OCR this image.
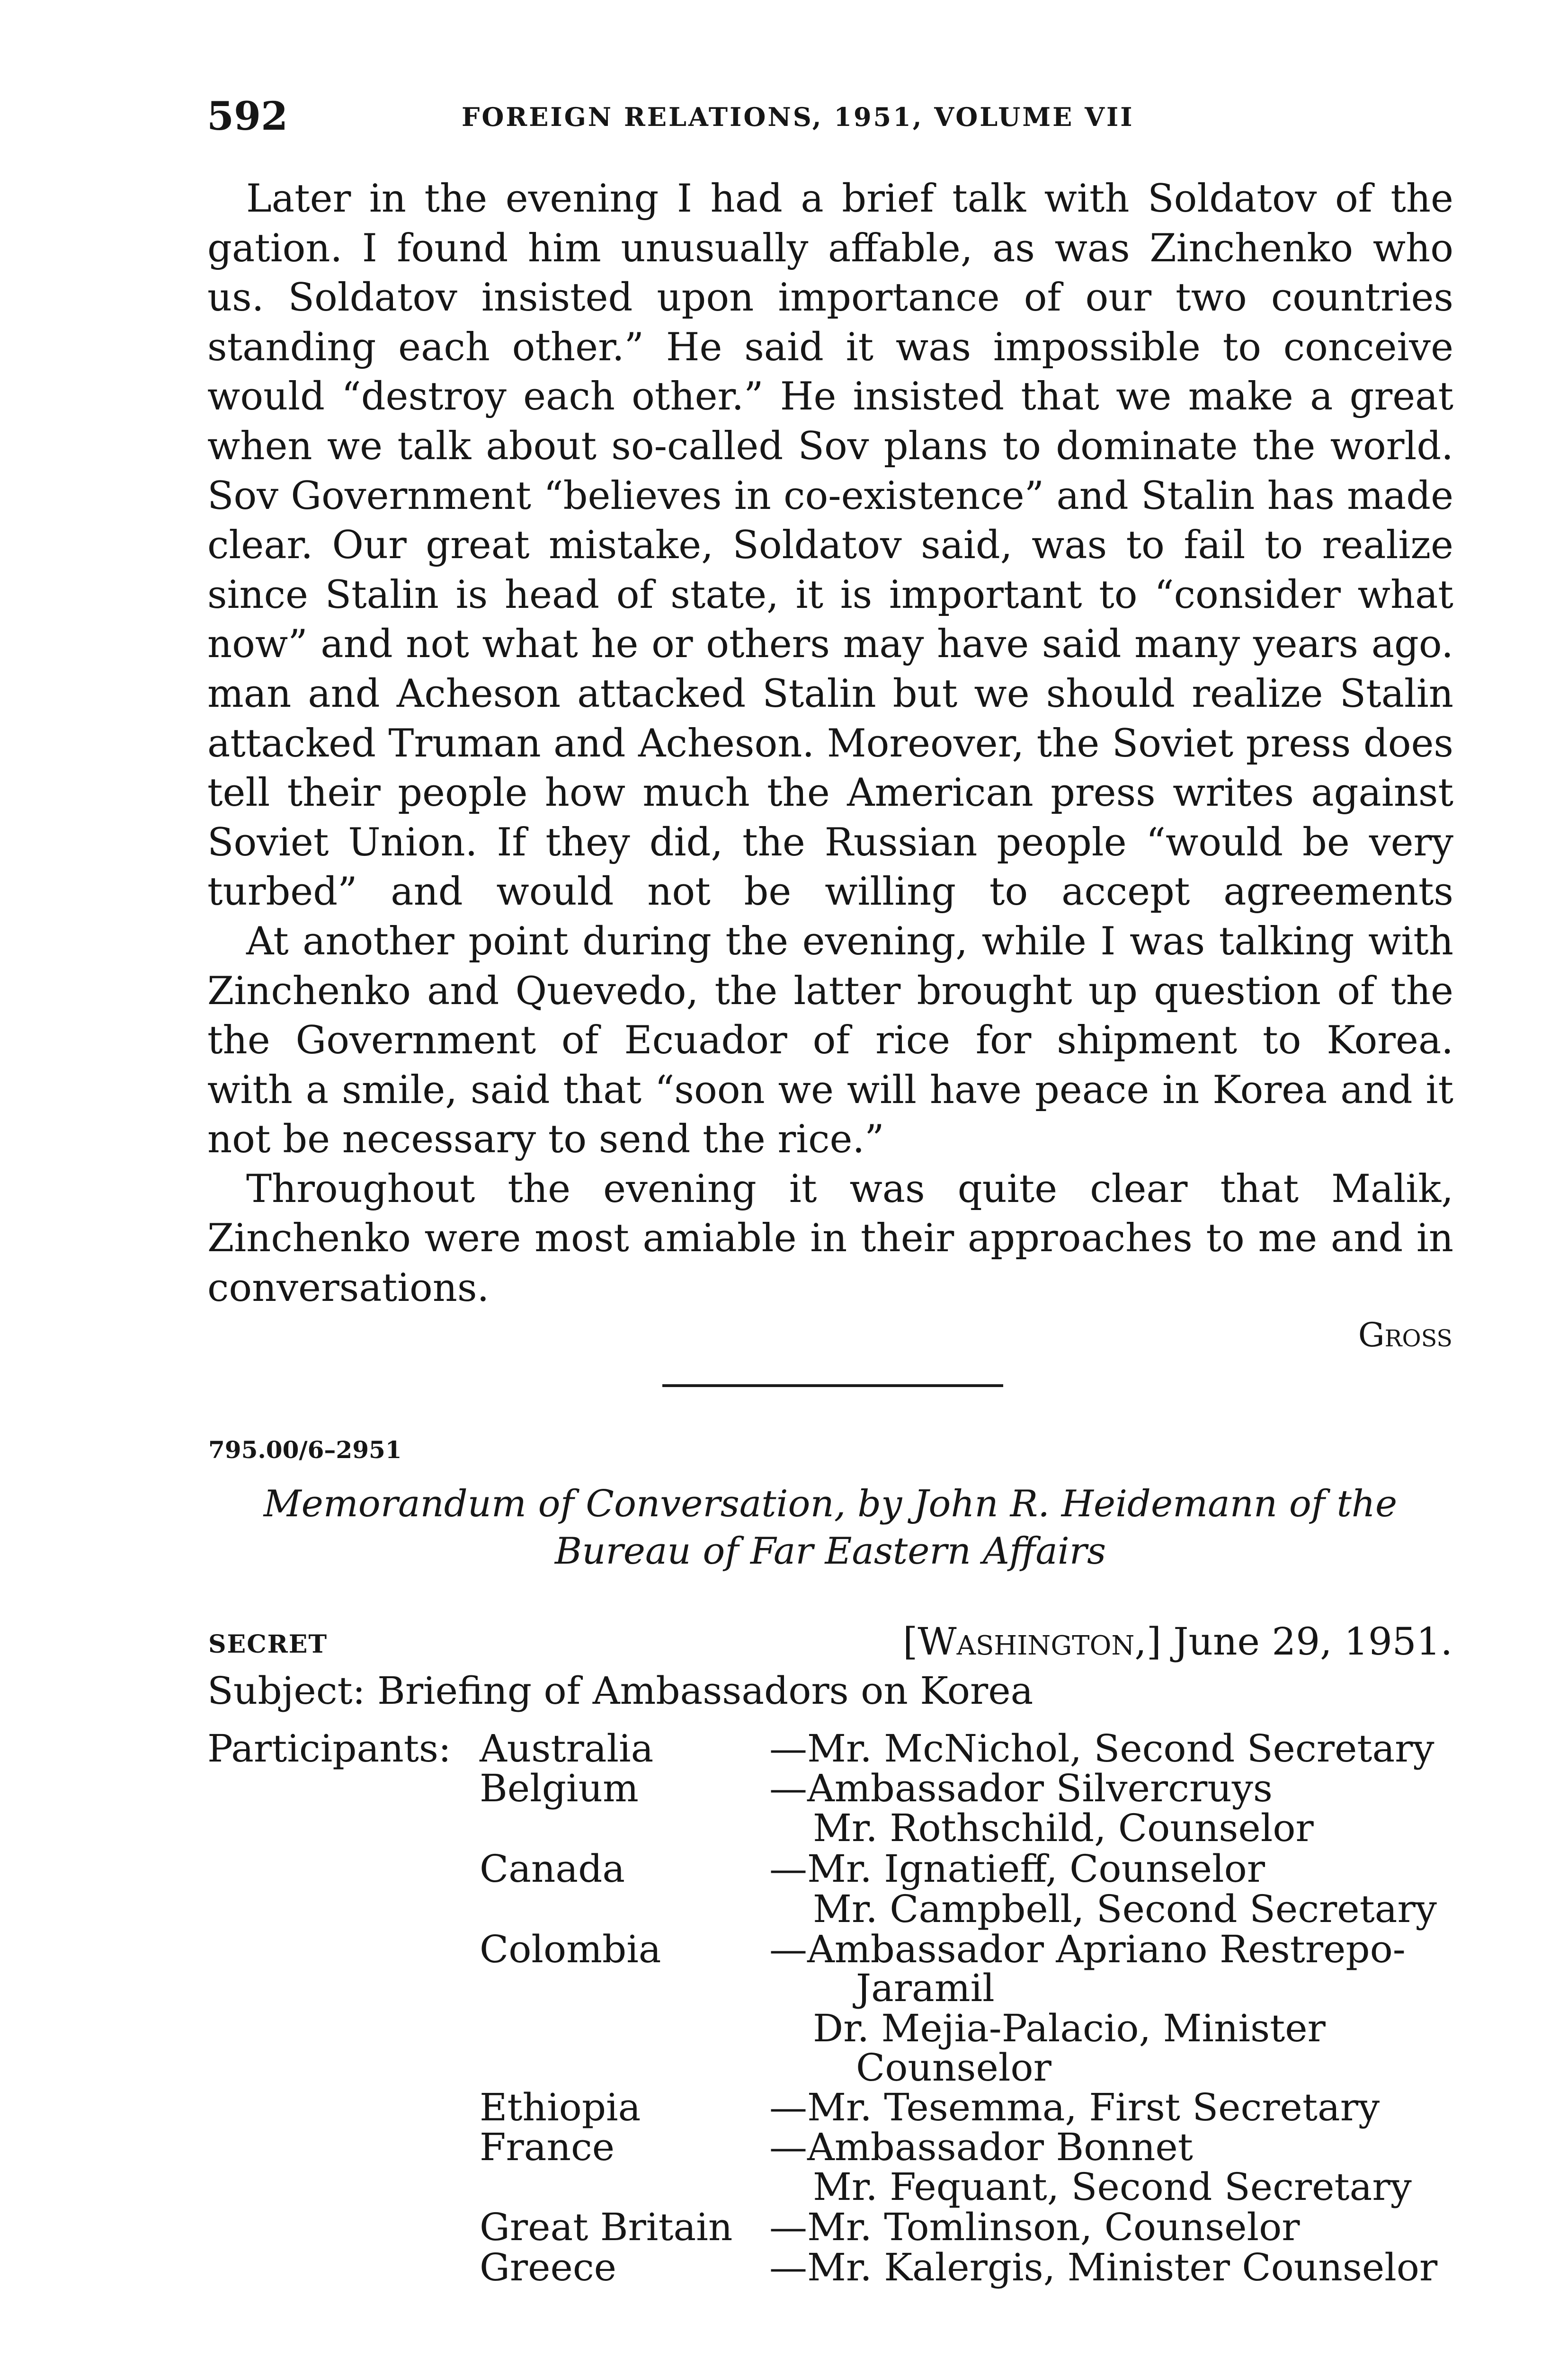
592	FOREIGN RELATIONS, 1951, VOLUME VII
Later in the evening I had a brief talk with Soldatov of the
gation. I found him unusually affable, as was Zinchenko who
us. Soldatov insisted upon importance of our two countries
standing each other.” He said it was impossible to conceive
would “destroy each other.” He insisted that we make a great
when we talk about so-called Sov plans to dominate the world.
Sov Government “believes in co-existence” and Stalin has made
clear. Our great mistake, Soldatov said, was to fail to realize
since Stalin is head of state, it is important to “consider what
now” and not what he or others may have said many years ago.
man and Acheson attacked Stalin but we should realize Stalin
attacked Truman and Acheson. Moreover, the Soviet press does
tell their people how much the American press writes against
Soviet Union. If they did, the Russian people “would be very
turbed” and would not be willing to accept agreements
At another point during the evening, while I was talking with
Zinchenko and Quevedo, the latter brought up question of the
the Government of Ecuador of rice for shipment to Korea.
with a smile, said that “soon we will have peace in Korea and it
not be necessary to send the rice.”
Throughout the evening it was quite clear that Malik,
Zinchenko were most amiable in their approaches to me and in
conversations.
Gross
795.00/6–2951
Memorandum of Conversation, by John R. Heidemann of the
Bureau of Far Eastern Affairs
SECRET	[Washington,] June 29, 1951.
Subject: Briefing of Ambassadors on Korea
Participants: Australia
Belgium
Canada
Colombia
Ethiopia
France
Great Britain
Greece
—Mr. McNichol, Second Secretary
—Ambassador Silvercruys
Mr. Rothschild, Counselor
—Mr. Ignatieff, Counselor
Mr. Campbell, Second Secretary
—Ambassador Apriano Restrepo-
Jaramil
Dr. Mejia-Palacio, Minister
Counselor
—Mr. Tesemma, First Secretary
—Ambassador Bonnet
Mr. Fequant, Second Secretary
—Mr. Tomlinson, Counselor
—Mr. Kalergis, Minister Counselor
